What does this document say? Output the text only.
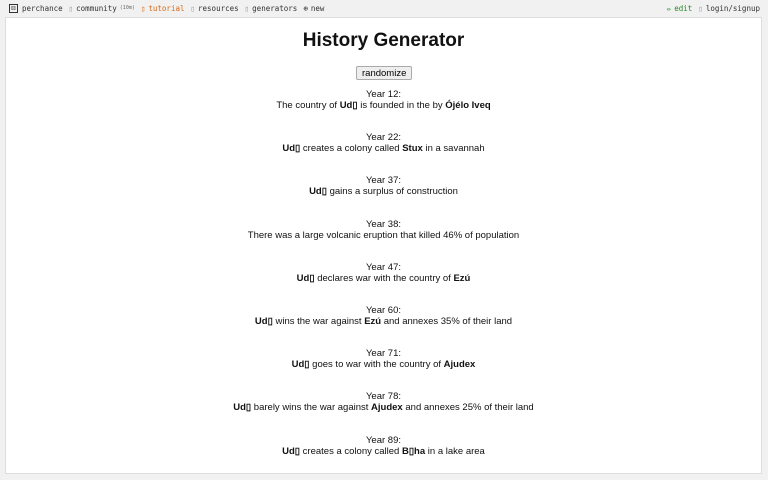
⚄ perchance ▯ community (10m) ▯ tutorial ▯ resources ▯ generators ⊕ new	✏ edit ▯ login/signup
History Generator
randomize
Year 12:
The country of Ud▯ is founded in the by Ójélo Iveq
Year 22:
Ud▯ creates a colony called Stux in a savannah
Year 37:
Ud▯ gains a surplus of construction
Year 38:
There was a large volcanic eruption that killed 46% of population
Year 47:
Ud▯ declares war with the country of Ezú
Year 60:
Ud▯ wins the war against Ezú and annexes 35% of their land
Year 71:
Ud▯ goes to war with the country of Ajudex
Year 78:
Ud▯ barely wins the war against Ajudex and annexes 25% of their land
Year 89:
Ud▯ creates a colony called B▯ha in a lake area
